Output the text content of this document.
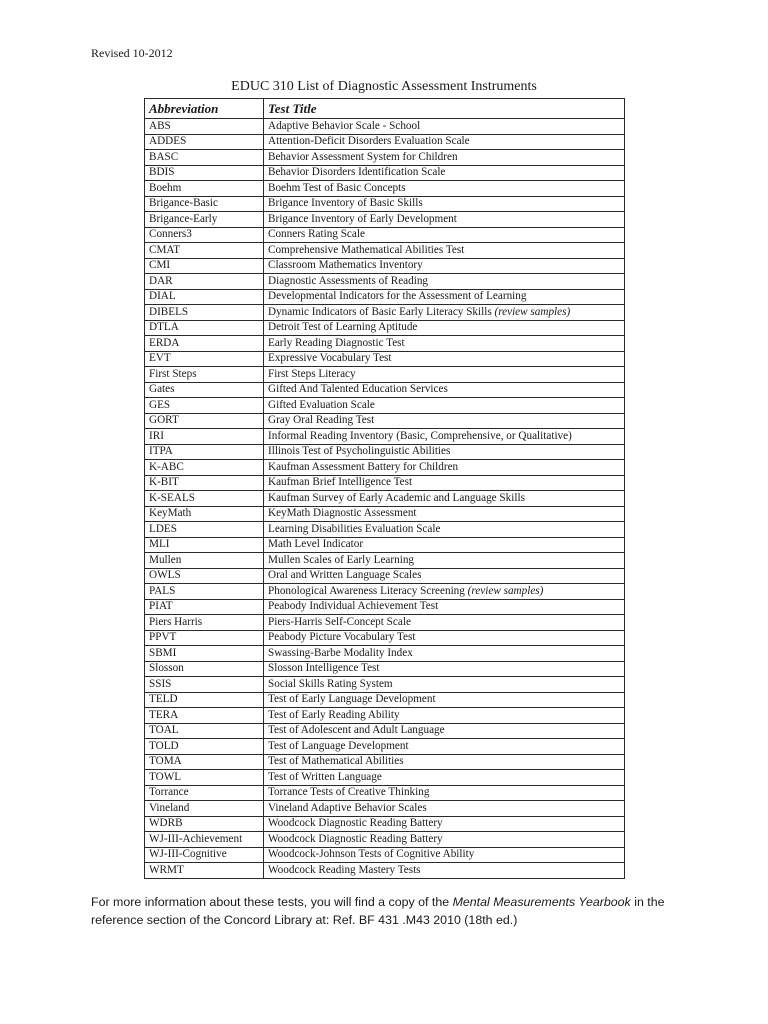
Revised 10-2012
EDUC 310 List of Diagnostic Assessment Instruments
Abbreviation	Test Title
ABS	Adaptive Behavior Scale - School
ADDES	Attention-Deficit Disorders Evaluation Scale
BASC	Behavior Assessment System for Children
BDIS	Behavior Disorders Identification Scale
Boehm	Boehm Test of Basic Concepts
Brigance-Basic	Brigance Inventory of Basic Skills
Brigance-Early	Brigance Inventory of Early Development
Conners3	Conners Rating Scale
CMAT	Comprehensive Mathematical Abilities Test
CMI	Classroom Mathematics Inventory
DAR	Diagnostic Assessments of Reading
DIAL	Developmental Indicators for the Assessment of Learning
DIBELS	Dynamic Indicators of Basic Early Literacy Skills (review samples)
DTLA	Detroit Test of Learning Aptitude
ERDA	Early Reading Diagnostic Test
EVT	Expressive Vocabulary Test
First Steps	First Steps Literacy
Gates	Gifted And Talented Education Services
GES	Gifted Evaluation Scale
GORT	Gray Oral Reading Test
IRI	Informal Reading Inventory (Basic, Comprehensive, or Qualitative)
ITPA	Illinois Test of Psycholinguistic Abilities
K-ABC	Kaufman Assessment Battery for Children
K-BIT	Kaufman Brief Intelligence Test
K-SEALS	Kaufman Survey of Early Academic and Language Skills
KeyMath	KeyMath Diagnostic Assessment
LDES	Learning Disabilities Evaluation Scale
MLI	Math Level Indicator
Mullen	Mullen Scales of Early Learning
OWLS	Oral and Written Language Scales
PALS	Phonological Awareness Literacy Screening (review samples)
PIAT	Peabody Individual Achievement Test
Piers Harris	Piers-Harris Self-Concept Scale
PPVT	Peabody Picture Vocabulary Test
SBMI	Swassing-Barbe Modality Index
Slosson	Slosson Intelligence Test
SSIS	Social Skills Rating System
TELD	Test of Early Language Development
TERA	Test of Early Reading Ability
TOAL	Test of Adolescent and Adult Language
TOLD	Test of Language Development
TOMA	Test of Mathematical Abilities
TOWL	Test of Written Language
Torrance	Torrance Tests of Creative Thinking
Vineland	Vineland Adaptive Behavior Scales
WDRB	Woodcock Diagnostic Reading Battery
WJ-III-Achievement	Woodcock Diagnostic Reading Battery
WJ-III-Cognitive	Woodcock-Johnson Tests of Cognitive Ability
WRMT	Woodcock Reading Mastery Tests

For more information about these tests, you will find a copy of the Mental Measurements Yearbook in the

reference section of the Concord Library at: Ref. BF 431 .M43 2010 (18th ed.)
